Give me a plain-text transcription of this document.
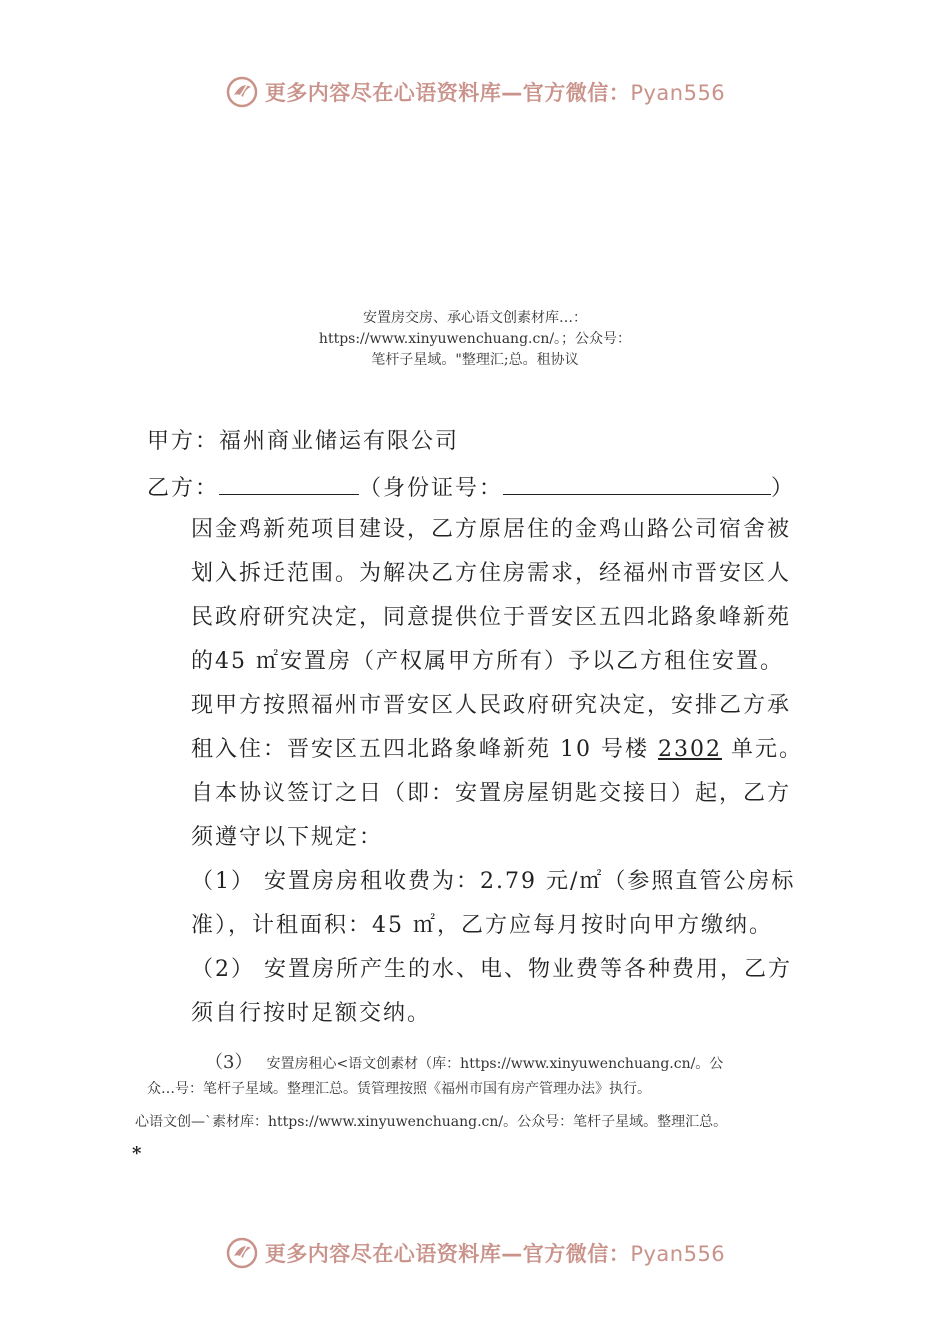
更多内容尽在心语资料库—官方微信：Pyan556
安置房交房、承心语文创素材库…：
https://www.xinyuwenchuang.cn/。；公众号：
笔杆子星域。"整理汇;总。租协议
甲方：福州商业储运有限公司
乙方：	（身份证号：	）
因金鸡新苑项目建设，乙方原居住的金鸡山路公司宿舍被划入拆迁范围。为解决乙方住房需求，经福州市晋安区人民政府研究决定，同意提供位于晋安区五四北路象峰新苑的45 ㎡安置房（产权属甲方所有）予以乙方租住安置。
现甲方按照福州市晋安区人民政府研究决定，安排乙方承租入住：晋安区五四北路象峰新苑 10 号楼 2302 单元。自本协议签订之日（即：安置房屋钥匙交接日）起，乙方须遵守以下规定：
（1） 安置房房租收费为：2.79 元/㎡（参照直管公房标准），计租面积：45 ㎡，乙方应每月按时向甲方缴纳。
（2） 安置房所产生的水、电、物业费等各种费用，乙方须自行按时足额交纳。
（3） 安置房租心<语文创素材（库：https://www.xinyuwenchuang.cn/。公
众…号：笔杆子星域。整理汇总。赁管理按照《福州市国有房产管理办法》执行。
心语文创—`素材库：https://www.xinyuwenchuang.cn/。公众号：笔杆子星域。整理汇总。
*
更多内容尽在心语资料库—官方微信：Pyan556
